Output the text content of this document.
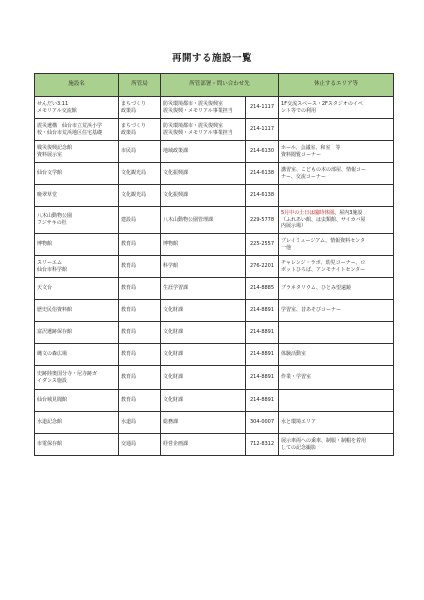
再開する施設一覧
施設名	所管局	所管部署・問い合わせ先		休止するエリア等

せんだい3.11
メモリアル交流館	まちづくり
政策局	防災環境都市・震災復興室
震災復興・メモリアル事業担当	214-1117	1F交流スペース・2Fスタジオのイベ
ント等での利用

震災遺構　仙台市立荒浜小学
校・仙台市荒浜地区住宅基礎	まちづくり
政策局	防災環境都市・震災復興室
震災復興・メモリアル事業担当	214-1117	

戦災復興記念館
資料展示室	市民局	地域政策課	214-6130	ホール、会議室、和室　等
資料閲覧コーナー

仙台文学館	文化観光局	文化振興課	214-6138	講習室、こどもの本の部屋、情報コー
ナー、交流コーナー

晩翠草堂	文化観光局	文化振興課	214-6138	

八木山動物公園
フジサキの杜	建設局	八木山動物公園管理課	229-5778	5月中の土日は臨時休園、屋内3施設
（ふれあい館、は虫類館、サイカバ屋
内展示場）

博物館	教育局	博物館	225-2557	プレイミュージアム、情報資料センタ
一他

スリーエム
仙台市科学館	教育局	科学館	276-2201	チャレンジ・ラボ、幼児コーナー、ロ
ボットひろば、アンモナイトセンター

天文台	教育局	生涯学習課	214-8885	プラネタリウム、ひとみ望遠鏡

歴史民俗資料館	教育局	文化財課	214-8891	学習室、昔あそびコーナー

富沢遺跡保存館	教育局	文化財課	214-8891	

縄文の森広場	教育局	文化財課	214-8891	体験活動室

史跡陸奥国分寺・尼寺跡ガ
イダンス施設	教育局	文化財課	214-8891	作業・学習室

仙台城見聞館	教育局	文化財課	214-8891	

水道記念館	水道局	総務課	304-0007	水と環境エリア

市電保存館	交通局	経営企画課	712-8312	展示車両への乗車、制服・制帽を着用
しての記念撮影
